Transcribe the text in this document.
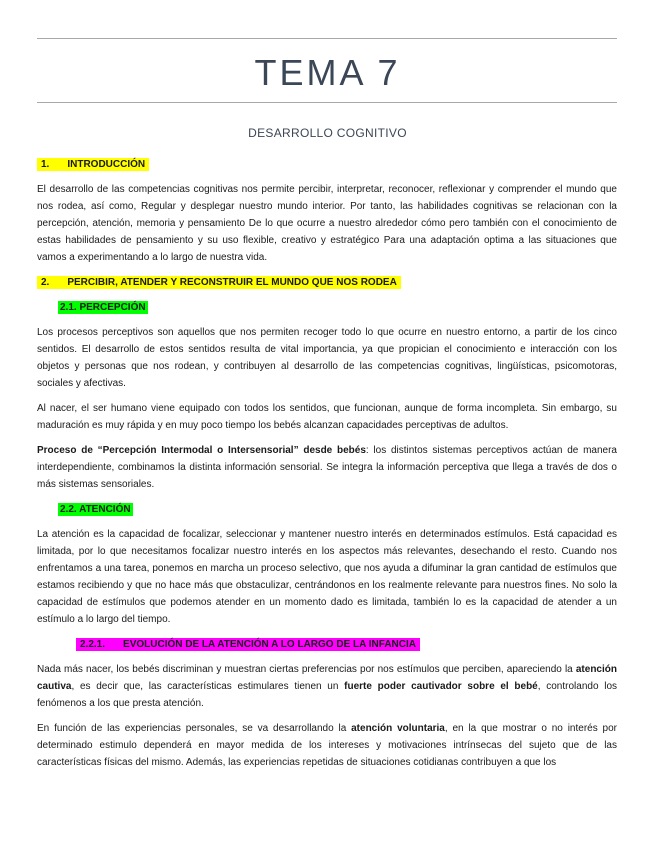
TEMA 7
DESARROLLO COGNITIVO
1. INTRODUCCIÓN

El desarrollo de las competencias cognitivas nos permite percibir, interpretar, reconocer, reflexionar y comprender el mundo que nos rodea, así como, Regular y desplegar nuestro mundo interior. Por tanto, las habilidades cognitivas se relacionan con la percepción, atención, memoria y pensamiento De lo que ocurre a nuestro alrededor cómo pero también con el conocimiento de estas habilidades de pensamiento y su uso flexible, creativo y estratégico Para una adaptación optima a las situaciones que vamos a experimentando a lo largo de nuestra vida.

2. PERCIBIR, ATENDER Y RECONSTRUIR EL MUNDO QUE NOS RODEA
2.1. PERCEPCIÓN

Los procesos perceptivos son aquellos que nos permiten recoger todo lo que ocurre en nuestro entorno, a partir de los cinco sentidos. El desarrollo de estos sentidos resulta de vital importancia, ya que propician el conocimiento e interacción con los objetos y personas que nos rodean, y contribuyen al desarrollo de las competencias cognitivas, lingüísticas, psicomotoras, sociales y afectivas.

Al nacer, el ser humano viene equipado con todos los sentidos, que funcionan, aunque de forma incompleta. Sin embargo, su maduración es muy rápida y en muy poco tiempo los bebés alcanzan capacidades perceptivas de adultos.

Proceso de “Percepción Intermodal o Intersensorial” desde bebés: los distintos sistemas perceptivos actúan de manera interdependiente, combinamos la distinta información sensorial. Se integra la información perceptiva que llega a través de dos o más sistemas sensoriales.

2.2. ATENCIÓN

La atención es la capacidad de focalizar, seleccionar y mantener nuestro interés en determinados estímulos. Está capacidad es limitada, por lo que necesitamos focalizar nuestro interés en los aspectos más relevantes, desechando el resto. Cuando nos enfrentamos a una tarea, ponemos en marcha un proceso selectivo, que nos ayuda a difuminar la gran cantidad de estímulos que estamos recibiendo y que no hace más que obstaculizar, centrándonos en los realmente relevante para nuestros fines. No solo la capacidad de estímulos que podemos atender en un momento dado es limitada, también lo es la capacidad de atender a un estímulo a lo largo del tiempo.

2.2.1. EVOLUCIÓN DE LA ATENCIÓN A LO LARGO DE LA INFANCIA

Nada más nacer, los bebés discriminan y muestran ciertas preferencias por nos estímulos que perciben, apareciendo la atención cautiva, es decir que, las características estimulares tienen un fuerte poder cautivador sobre el bebé, controlando los fenómenos a los que presta atención.

En función de las experiencias personales, se va desarrollando la atención voluntaria, en la que mostrar o no interés por determinado estimulo dependerá en mayor medida de los intereses y motivaciones intrínsecas del sujeto que de las características físicas del mismo. Además, las experiencias repetidas de situaciones cotidianas contribuyen a que los
